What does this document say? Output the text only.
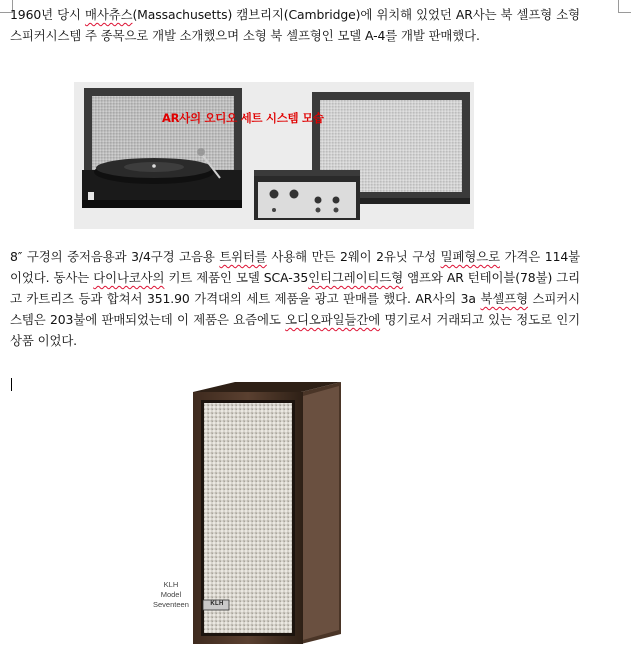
1960년 당시 매사츄스(Massachusetts) 캠브리지(Cambridge)에 위치해 있었던 AR사는 북 셀프형 소형 스피커시스템 주 종목으로 개발 소개했으며 소형 북 셀프형인 모델 A-4를 개발 판매했다.

AR사의 오디오 세트 시스템 모습

8″ 구경의 중저음용과 3/4구경 고음용 트위터를 사용해 만든 2웨이 2유닛 구성 밀폐형으로 가격은 114불이었다. 동사는 다이나코사의 키트 제품인 모델 SCA-35인티그레이티드형 앰프와 AR 턴테이블(78불) 그리고 카트리즈 등과 합쳐서 351.90 가격대의 세트 제품을 광고 판매를 했다. AR사의 3a 북셀프형 스피커시스템은 203불에 판매되었는데 이 제품은 요즘에도 오디오파일들간에 명기로서 거래되고 있는 정도로 인기 상품 이었다.

KLH
Model
Seventeen	KLH
